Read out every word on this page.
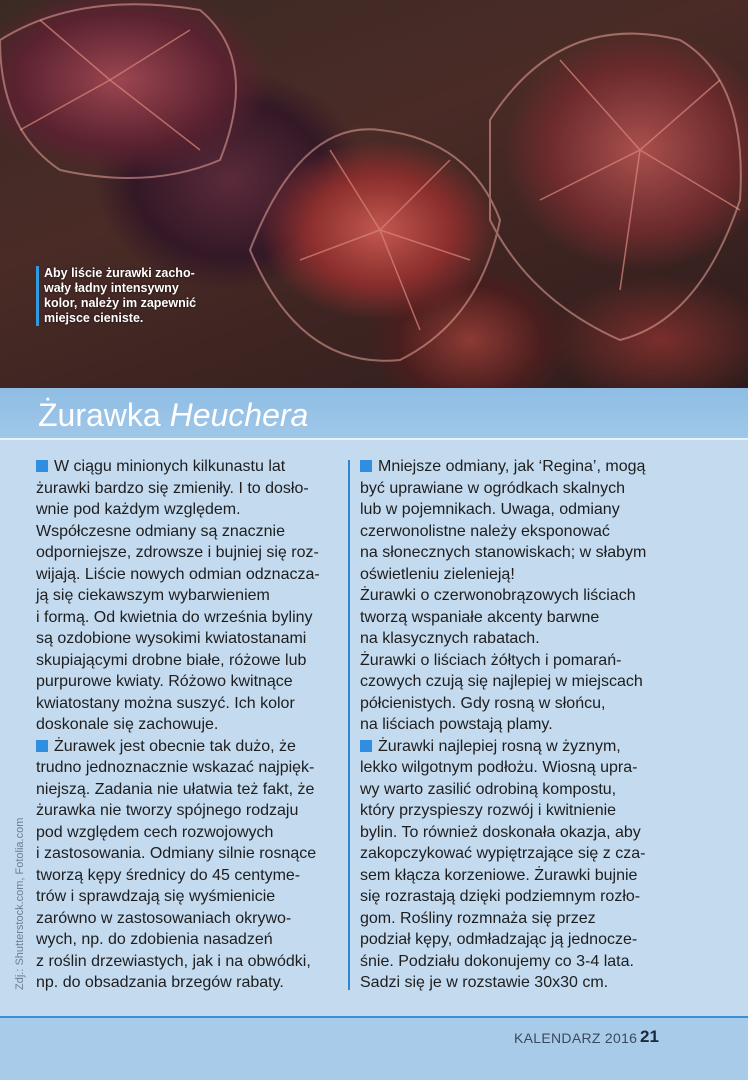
Aby liście żurawki zacho-
wały ładny intensywny
kolor, należy im zapewnić
miejsce cieniste.
Żurawka Heuchera

W ciągu minionych kilkunastu lat
żurawki bardzo się zmieniły. I to dosło-
wnie pod każdym względem.
Współczesne odmiany są znacznie
odporniejsze, zdrowsze i bujniej się roz-
wijają. Liście nowych odmian odznacza-
ją się ciekawszym wybarwieniem
i formą. Od kwietnia do września byliny
są ozdobione wysokimi kwiatostanami
skupiającymi drobne białe, różowe lub
purpurowe kwiaty. Różowo kwitnące
kwiatostany można suszyć. Ich kolor
doskonale się zachowuje.

Żurawek jest obecnie tak dużo, że
trudno jednoznacznie wskazać najpięk-
niejszą. Zadania nie ułatwia też fakt, że
żurawka nie tworzy spójnego rodzaju
pod względem cech rozwojowych
i zastosowania. Odmiany silnie rosnące
tworzą kępy średnicy do 45 centyme-
trów i sprawdzają się wyśmienicie
zarówno w zastosowaniach okrywo-
wych, np. do zdobienia nasadzeń
z roślin drzewiastych, jak i na obwódki,
np. do obsadzania brzegów rabaty.

Mniejsze odmiany, jak ‘Regina’, mogą
być uprawiane w ogródkach skalnych
lub w pojemnikach. Uwaga, odmiany
czerwonolistne należy eksponować
na słonecznych stanowiskach; w słabym
oświetleniu zielenieją!

Żurawki o czerwonobrązowych liściach
tworzą wspaniałe akcenty barwne
na klasycznych rabatach.

Żurawki o liściach żółtych i pomarań-
czowych czują się najlepiej w miejscach
półcienistych. Gdy rosną w słońcu,
na liściach powstają plamy.

Żurawki najlepiej rosną w żyznym,
lekko wilgotnym podłożu. Wiosną upra-
wy warto zasilić odrobiną kompostu,
który przyspieszy rozwój i kwitnienie
bylin. To również doskonała okazja, aby
zakopczykować wypiętrzające się z cza-
sem kłącza korzeniowe. Żurawki bujnie
się rozrastają dzięki podziemnym rozło-
gom. Rośliny rozmnaża się przez
podział kępy, odmładzając ją jednocze-
śnie. Podziału dokonujemy co 3-4 lata.
Sadzi się je w rozstawie 30x30 cm.

Zdj.: Shutterstock.com, Fotolia.com
KALENDARZ 2016 21
